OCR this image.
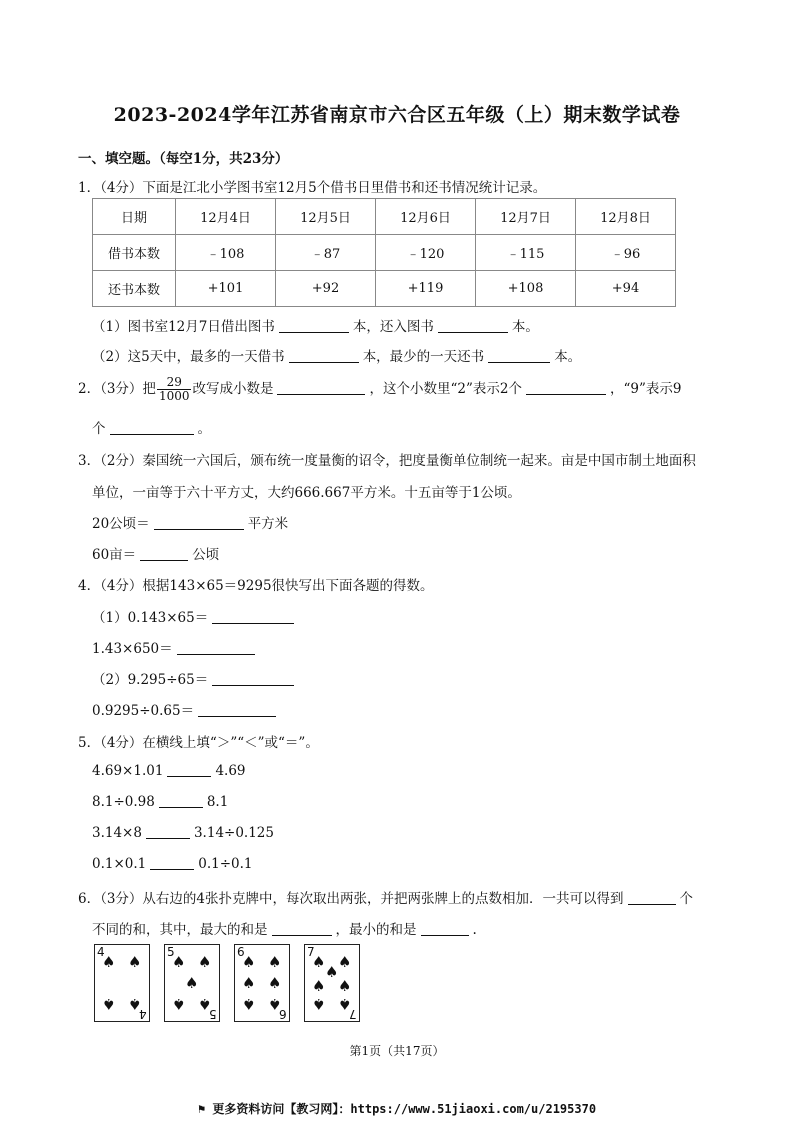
2023-2024学年江苏省南京市六合区五年级（上）期末数学试卷
一、填空题。（每空1分，共23分）
1．（4分）下面是江北小学图书室12月5个借书日里借书和还书情况统计记录。
日期	12月4日	12月5日	12月6日	12月7日	12月8日
借书本数	﹣108	﹣87	﹣120	﹣115	﹣96
还书本数	+101	+92	+119	+108	+94
（1）图书室12月7日借出图书	本，还入图书	本。
（2）这5天中，最多的一天借书	本，最少的一天还书	本。
2．（3分）把 $\frac{29}{1000}$ 改写成小数是	，这个小数里“2”表示2个	，“9”表示9
个	。
3．（2分）秦国统一六国后，颁布统一度量衡的诏令，把度量衡单位制统一起来。亩是中国市制土地面积
单位，一亩等于六十平方丈，大约666.667平方米。十五亩等于1公顷。
20公顷＝	平方米
60亩＝	公顷
4．（4分）根据143×65＝9295很快写出下面各题的得数。
（1）0.143×65＝
1.43×650＝
（2）9.295÷65＝
0.9295÷0.65＝
5．（4分）在横线上填“＞”“＜”或“＝”。
4.69×1.01	4.69
8.1÷0.98	8.1
3.14×8	3.14÷0.125
0.1×0.1	0.1÷0.1
6．（3分）从右边的4张扑克牌中，每次取出两张，并把两张牌上的点数相加．一共可以得到	个
不同的和，其中，最大的和是	，最小的和是	.
4
4
♠ ♠
♠ ♠
5
5
♠ ♠
♠
♠ ♠
6
6
♠ ♠
♠ ♠
♠ ♠
7
7
♠ ♠
♠
♠ ♠
♠ ♠
第1页（共17页）
⚑ 更多资料访问【教习网】：https://www.51jiaoxi.com/u/2195370
